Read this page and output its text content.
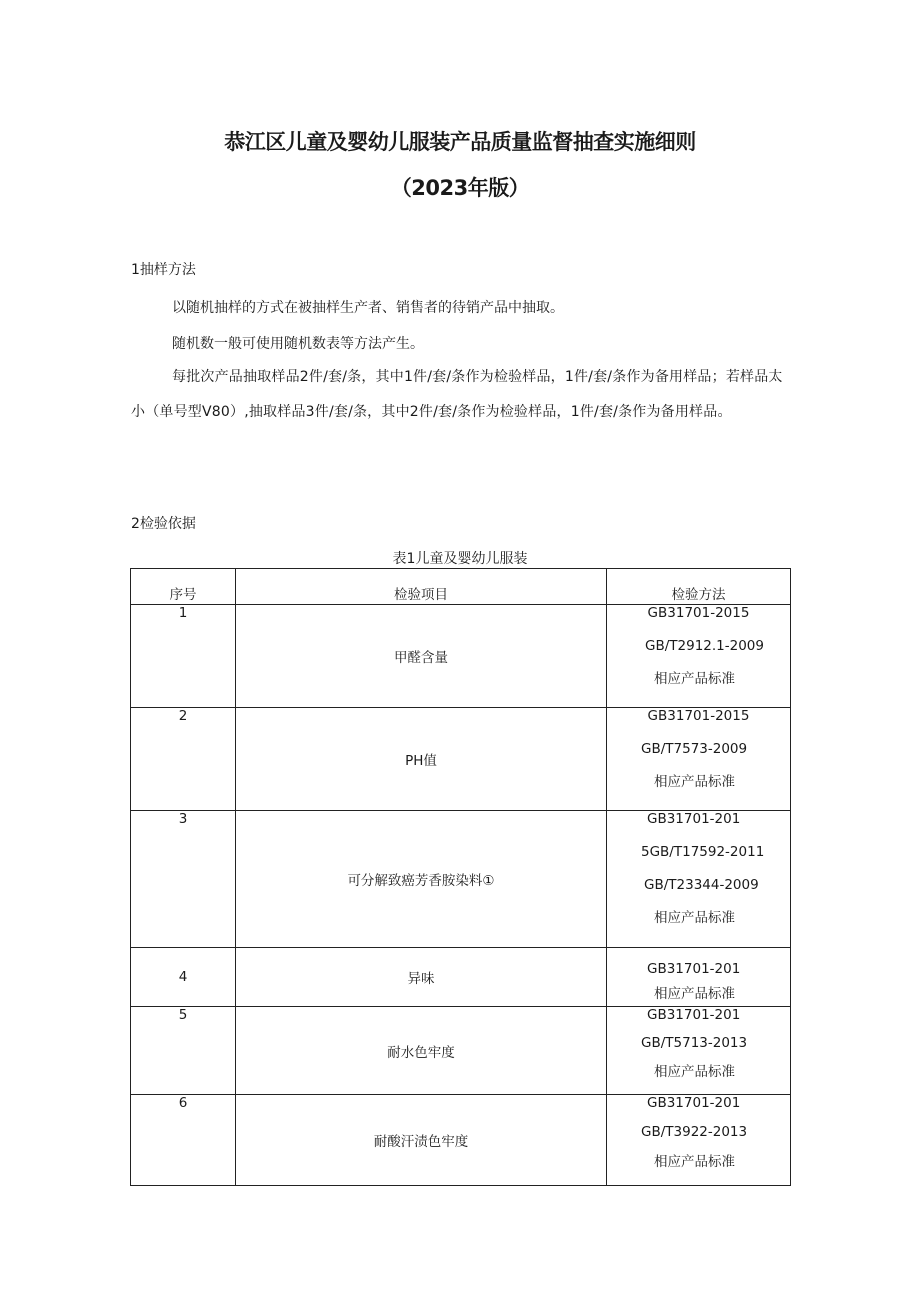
恭江区儿童及婴幼儿服装产品质量监督抽查实施细则
（2023年版）
1抽样方法
以随机抽样的方式在被抽样生产者、销售者的待销产品中抽取。
随机数一般可使用随机数表等方法产生。
每批次产品抽取样品2件/套/条，其中1件/套/条作为检验样品，1件/套/条作为备用样品；若样品太小（单号型V80）,抽取样品3件/套/条，其中2件/套/条作为检验样品，1件/套/条作为备用样品。
2检验依据
表1儿童及婴幼儿服装
序号	检验项目	检验方法
1	甲醛含量	GB31701-2015
GB/T2912.1-2009
相应产品标准

2	PH值	GB31701-2015
GB/T7573-2009
相应产品标准

3	可分解致癌芳香胺染料①	GB31701-201
5GB/T17592-2011
GB/T23344-2009
相应产品标准

4	异味	GB31701-201
相应产品标准

5	耐水色牢度	GB31701-201
GB/T5713-2013
相应产品标准

6	耐酸汗渍色牢度	GB31701-201
GB/T3922-2013
相应产品标准
